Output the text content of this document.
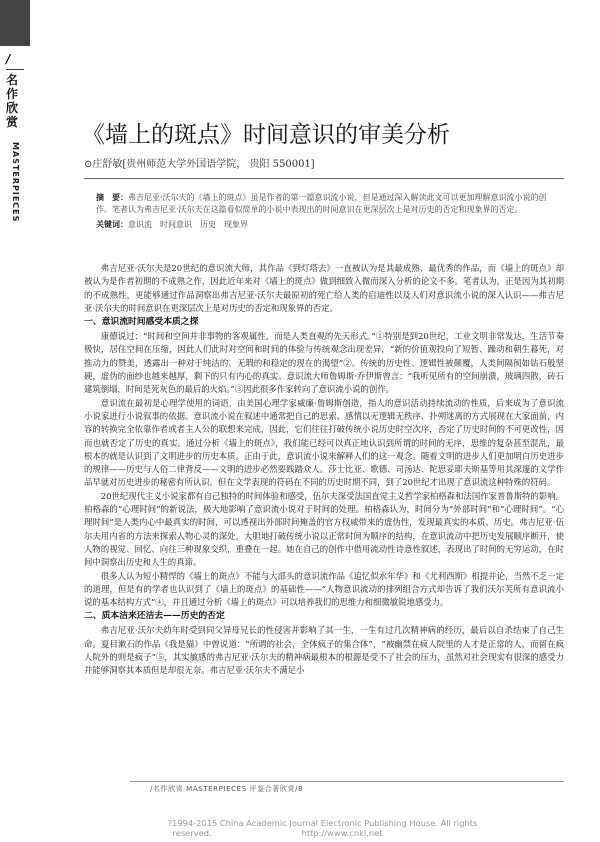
/
名作欣赏
MASTERPIECES
《墙上的斑点》时间意识的审美分析
⊙庄舒敏[贵州师范大学外国语学院， 贵阳 550001]
摘　要：弗吉尼亚·沃尔夫的《墙上的斑点》虽是作者的第一篇意识流小说，但是通过深入解读此文可以更加理解意识流小说的创作。笔者认为弗吉尼亚·沃尔夫在这篇看似简单的小说中表现出的时间意识在更深层次上是对历史的否定和现象界的否定。
关键词：意识流　时间意识　历史　现象界

弗吉尼亚·沃尔夫是20世纪的意识流大师，其作品《到灯塔去》一直被认为是其最成熟、最优秀的作品，而《墙上的斑点》却被认为是作者初期的不成熟之作，因此近年来对《墙上的斑点》做到细致入微而深入分析的论文不多。笔者认为，正是因为其初期的不成熟性，更能够通过作品洞察出弗吉尼亚·沃尔夫最原初的死亡给人类的启迪性以及人们对意识流小说的深入认识——弗吉尼亚·沃尔夫的时间意识在更深层次上是对历史的否定和现象界的否定。

一、意识流时间感受本质之探

康德说过：“时间和空间并非事物的客观属性，而是人类直观的先天形式。”①特别是到20世纪，工业文明非常发达，生活节奏极快，居住空间在压缩，因此人们此时对空间和时间的体验与传统观念出现差异，“新的价值观投向了短暂、躁动和朝生暮死，对推动力的赞美，透露出一种对于纯洁的、无瑕的和稳定的现在的渴望”②。传统的历史性、逻辑性被颠覆，人类间隔阂如钻石般坚硬，虚伪的面纱也越来越厚，剩下的只有内心的真实。意识流大师詹姆斯·乔伊斯曾言：“我听见所有的空间崩溃，玻璃四散，砖石建筑倒塌，时间是死灰色的最后的火焰。”③因此很多作家转向了意识流小说的创作。

意识流在最初是心理学使用的词语，由美国心理学家威廉·詹姆斯创造，指人的意识活动持续流动的性质，后来成为了意识流小说家进行小说叙事的依据。意识流小说在叙述中通常把自己的思索、感情以无逻辑无秩序、扑朔迷离的方式展现在大家面前，内容的转换完全依靠作者或者主人公的联想来完成，因此，它们往往打破传统小说历史时空次序，否定了历史时间的不可更改性，因而也就否定了历史的真实。通过分析《墙上的斑点》，我们能已经可以真正地认识到所谓的时间的无序，思维的复杂甚至混乱，最根本的就是认识到了文明进步的历史本质。正由于此，意识流小说来解释人们的这一观念。随着文明的进步人们更加明白历史进步的规律——历史与人俗二律背反——文明的进步必然要践踏众人。莎士比亚、歌德、司汤达、陀思妥耶夫斯基等用其深邃的文学作品早就对历史进步的秘密有所认识，但在文学表现的符码在不同的历史时期不同，到了20世纪才出现了意识流这种特殊的符码。

20世纪现代主义小说家都有自己独特的时间体验和感受，伍尔夫深受法国直觉主义哲学家柏格森和法国作家普鲁斯特的影响。柏格森的“心理时间”的新说法，极大地影响了意识流小说对于时间的处理。柏格森认为，时间分为“外部时间”和“心理时间”。“心理时间”是人类内心中最真实的时间，可以透视出外部时间掩盖的官方权威带来的虚伪性，发现最真实的本质、历史。弗吉尼亚·伍尔夫用内省的方法来探索人物心灵的深处，大胆地打破传统小说以正常时间为顺序的结构，在意识流动中把历史发展顺序断开，使人物的视觉、回忆、向往三种现象交织，重叠在一起。她在自己的创作中借用流动性诗意性叙述，表现出了时间的无穷运动，在时间中洞察出历史和人生的真谛。

很多人认为短小精悍的《墙上的斑点》不能与大部头的意识流作品《追忆似水年华》和《尤利西斯》相提并论，当然不乏一定的道理，但是有的学者也认识到了《墙上的斑点》的基础性——“人物意识流动的排列组合方式却告诉了我们沃尔芙所有意识流小说的基本结构方式”④，并且通过分析《墙上的斑点》可以培养我们的思维力和细微敏锐地感受力。

二、质本洁来还洁去——历史的否定

弗吉尼亚·沃尔夫幼年时受到同父异母兄长的性侵害并影响了其一生，一生有过几次精神病的经历，最后以自杀结束了自己生命。夏目漱石的作品《我是猫》中曾说道：“所谓的社会，全体疯子的集合体”，“被幽禁在疯人院里的人才是正常的人，而留在疯人院外的则是疯子”⑤，其实敏感的弗吉尼亚·沃尔夫的精神病最根本的根源是受不了社会的压力，虽然对社会现实有很深的感受力并能够洞察其本质但是却很无奈。弗吉尼亚·沃尔夫不满足小

/名作欣赏 MASTERPIECES 评鉴合著欣赏/8
?1994-2015 China Academic Journal Electronic Publishing House. All rights reserved.	http://www.cnki.net
